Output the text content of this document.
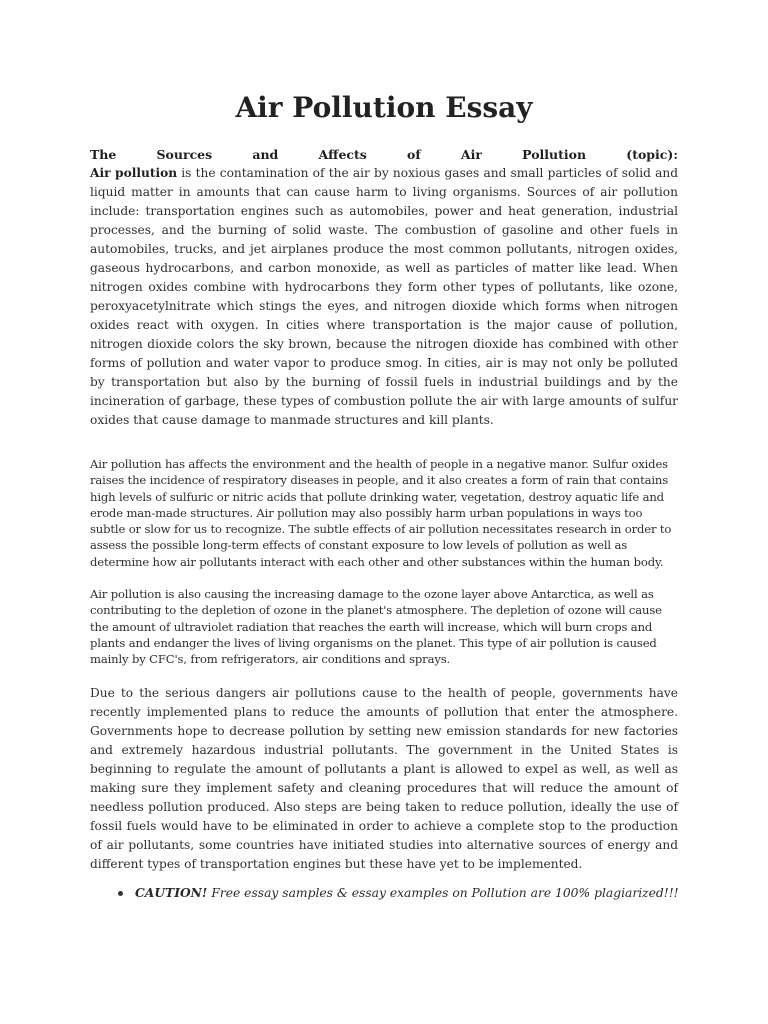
Air Pollution Essay
The	Sources	and	Affects	of	Air	Pollution	(topic):

Air pollution is the contamination of the air by noxious gases and small particles of solid and liquid matter in amounts that can cause harm to living organisms. Sources of air pollution include: transportation engines such as automobiles, power and heat generation, industrial processes, and the burning of solid waste. The combustion of gasoline and other fuels in automobiles, trucks, and jet airplanes produce the most common pollutants, nitrogen oxides, gaseous hydrocarbons, and carbon monoxide, as well as particles of matter like lead. When nitrogen oxides combine with hydrocarbons they form other types of pollutants, like ozone, peroxyacetylnitrate which stings the eyes, and nitrogen dioxide which forms when nitrogen oxides react with oxygen. In cities where transportation is the major cause of pollution, nitrogen dioxide colors the sky brown, because the nitrogen dioxide has combined with other forms of pollution and water vapor to produce smog. In cities, air is may not only be polluted by transportation but also by the burning of fossil fuels in industrial buildings and by the incineration of garbage, these types of combustion pollute the air with large amounts of sulfur oxides that cause damage to manmade structures and kill plants.

Air pollution has affects the environment and the health of people in a negative manor. Sulfur oxides raises the incidence of respiratory diseases in people, and it also creates a form of rain that contains high levels of sulfuric or nitric acids that pollute drinking water, vegetation, destroy aquatic life and erode man-made structures. Air pollution may also possibly harm urban populations in ways too subtle or slow for us to recognize. The subtle effects of air pollution necessitates research in order to assess the possible long-term effects of constant exposure to low levels of pollution as well as determine how air pollutants interact with each other and other substances within the human body.

Air pollution is also causing the increasing damage to the ozone layer above Antarctica, as well as contributing to the depletion of ozone in the planet's atmosphere. The depletion of ozone will cause the amount of ultraviolet radiation that reaches the earth will increase, which will burn crops and plants and endanger the lives of living organisms on the planet. This type of air pollution is caused mainly by CFC's, from refrigerators, air conditions and sprays.

Due to the serious dangers air pollutions cause to the health of people, governments have recently implemented plans to reduce the amounts of pollution that enter the atmosphere. Governments hope to decrease pollution by setting new emission standards for new factories and extremely hazardous industrial pollutants. The government in the United States is beginning to regulate the amount of pollutants a plant is allowed to expel as well, as well as making sure they implement safety and cleaning procedures that will reduce the amount of needless pollution produced. Also steps are being taken to reduce pollution, ideally the use of fossil fuels would have to be eliminated in order to achieve a complete stop to the production of air pollutants, some countries have initiated studies into alternative sources of energy and different types of transportation engines but these have yet to be implemented.

CAUTION! Free essay samples & essay examples on Pollution are 100% plagiarized!!!
